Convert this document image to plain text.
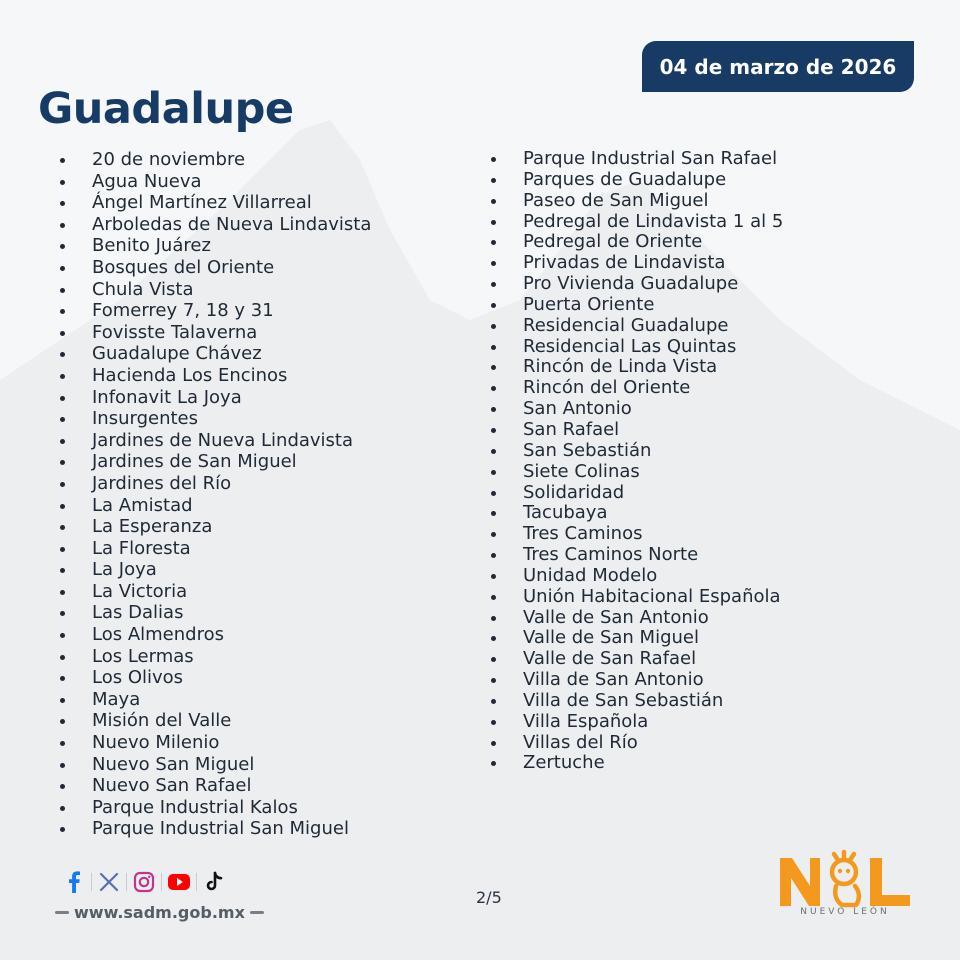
04 de marzo de 2026
Guadalupe
20 de noviembre
Agua Nueva
Ángel Martínez Villarreal
Arboledas de Nueva Lindavista
Benito Juárez
Bosques del Oriente
Chula Vista
Fomerrey 7, 18 y 31
Fovisste Talaverna
Guadalupe Chávez
Hacienda Los Encinos
Infonavit La Joya
Insurgentes
Jardines de Nueva Lindavista
Jardines de San Miguel
Jardines del Río
La Amistad
La Esperanza
La Floresta
La Joya
La Victoria
Las Dalias
Los Almendros
Los Lermas
Los Olivos
Maya
Misión del Valle
Nuevo Milenio
Nuevo San Miguel
Nuevo San Rafael
Parque Industrial Kalos
Parque Industrial San Miguel
Parque Industrial San Rafael
Parques de Guadalupe
Paseo de San Miguel
Pedregal de Lindavista 1 al 5
Pedregal de Oriente
Privadas de Lindavista
Pro Vivienda Guadalupe
Puerta Oriente
Residencial Guadalupe
Residencial Las Quintas
Rincón de Linda Vista
Rincón del Oriente
San Antonio
San Rafael
San Sebastián
Siete Colinas
Solidaridad
Tacubaya
Tres Caminos
Tres Caminos Norte
Unidad Modelo
Unión Habitacional Española
Valle de San Antonio
Valle de San Miguel
Valle de San Rafael
Villa de San Antonio
Villa de San Sebastián
Villa Española
Villas del Río
Zertuche
www.sadm.gob.mx
2/5
NUEVO LEÓN
